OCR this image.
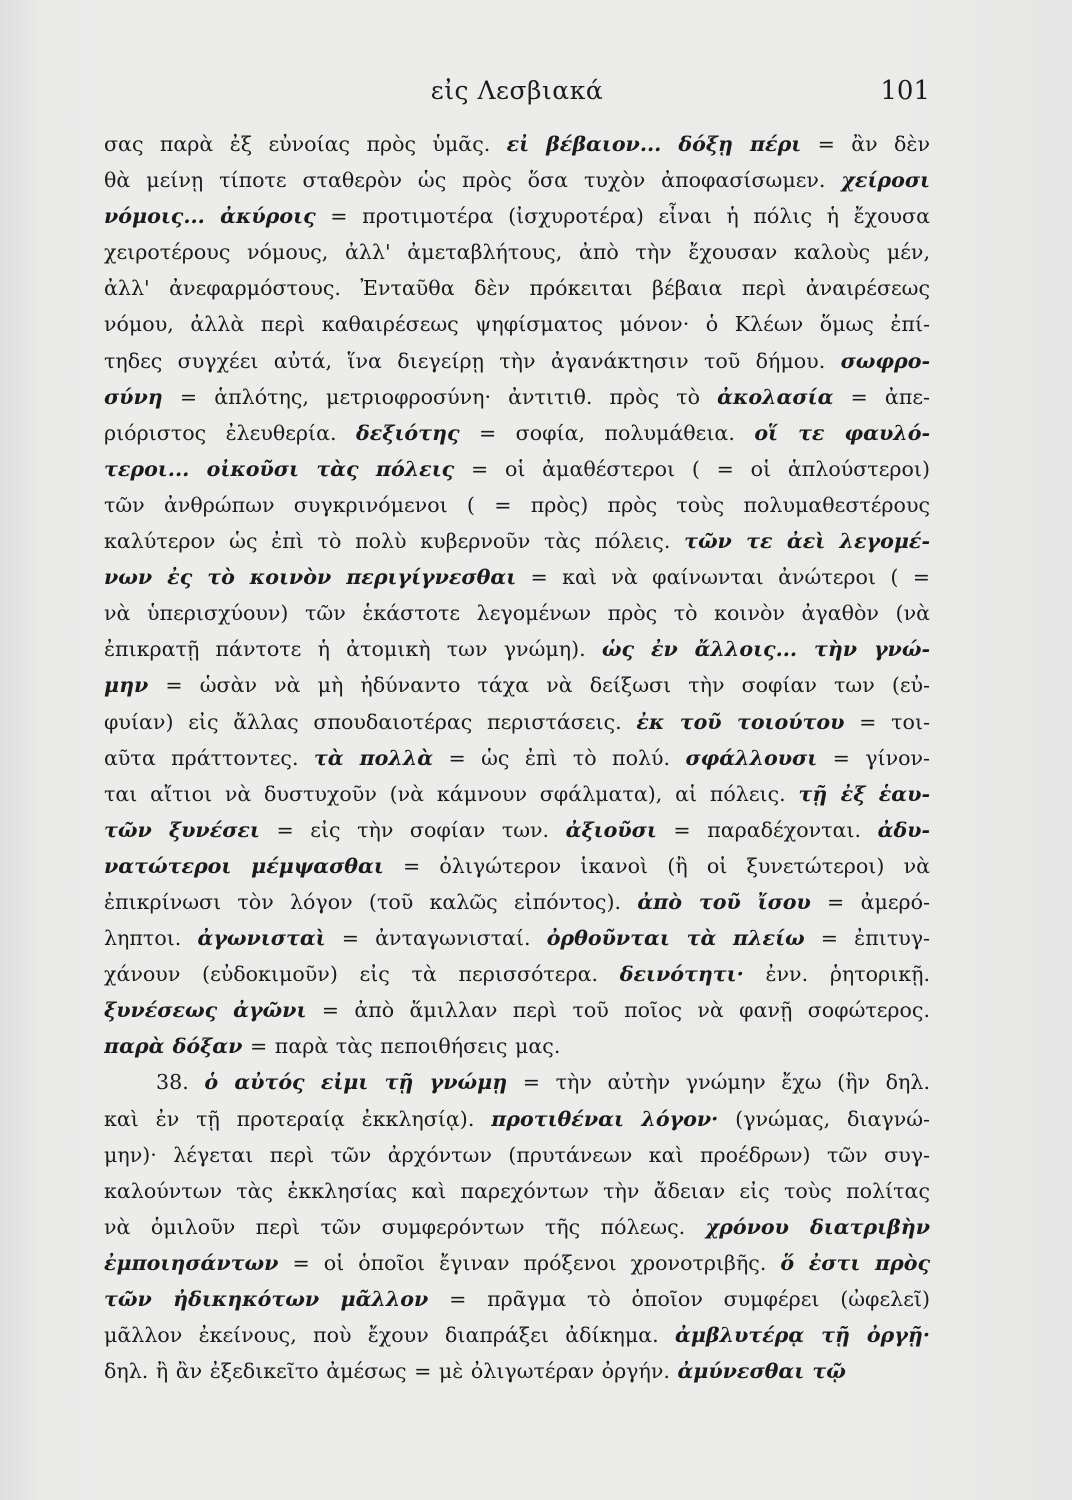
εἰς Λεσβιακά	101
σας παρὰ ἐξ εὐνοίας πρὸς ὑμᾶς. εἰ βέβαιον... δόξῃ πέρι = ἂν δὲν
θὰ μείνῃ τίποτε σταθερὸν ὡς πρὸς ὅσα τυχὸν ἀποφασίσωμεν. χείροσι
νόμοις... ἀκύροις = προτιμοτέρα (ἰσχυροτέρα) εἶναι ἡ πόλις ἡ ἔχουσα
χειροτέρους νόμους, ἀλλ' ἀμεταβλήτους, ἀπὸ τὴν ἔχουσαν καλοὺς μέν,
ἀλλ' ἀνεφαρμόστους. Ἐνταῦθα δὲν πρόκειται βέβαια περὶ ἀναιρέσεως
νόμου, ἀλλὰ περὶ καθαιρέσεως ψηφίσματος μόνον· ὁ Κλέων ὅμως ἐπί-
τηδες συγχέει αὐτά, ἵνα διεγείρῃ τὴν ἀγανάκτησιν τοῦ δήμου. σωφρο-
σύνη = ἁπλότης, μετριοφροσύνη· ἀντιτιθ. πρὸς τὸ ἀκολασία = ἀπε-
ριόριστος ἐλευθερία. δεξιότης = σοφία, πολυμάθεια. οἵ τε φαυλό-
τεροι... οἰκοῦσι τὰς πόλεις = οἱ ἀμαθέστεροι ( = οἱ ἁπλούστεροι)
τῶν ἀνθρώπων συγκρινόμενοι ( = πρὸς) πρὸς τοὺς πολυμαθεστέρους
καλύτερον ὡς ἐπὶ τὸ πολὺ κυβερνοῦν τὰς πόλεις. τῶν τε ἀεὶ λεγομέ-
νων ἐς τὸ κοινὸν περιγίγνεσθαι = καὶ νὰ φαίνωνται ἀνώτεροι ( =
νὰ ὑπερισχύουν) τῶν ἑκάστοτε λεγομένων πρὸς τὸ κοινὸν ἀγαθὸν (νὰ
ἐπικρατῇ πάντοτε ἡ ἀτομικὴ των γνώμη). ὡς ἐν ἄλλοις... τὴν γνώ-
μην = ὡσὰν νὰ μὴ ἠδύναντο τάχα νὰ δείξωσι τὴν σοφίαν των (εὐ-
φυίαν) εἰς ἄλλας σπουδαιοτέρας περιστάσεις. ἐκ τοῦ τοιούτου = τοι-
αῦτα πράττοντες. τὰ πολλὰ = ὡς ἐπὶ τὸ πολύ. σφάλλουσι = γίνον-
ται αἴτιοι νὰ δυστυχοῦν (νὰ κάμνουν σφάλματα), αἱ πόλεις. τῇ ἐξ ἑαυ-
τῶν ξυνέσει = εἰς τὴν σοφίαν των. ἀξιοῦσι = παραδέχονται. ἀδυ-
νατώτεροι μέμψασθαι = ὀλιγώτερον ἱκανοὶ (ἢ οἱ ξυνετώτεροι) νὰ
ἐπικρίνωσι τὸν λόγον (τοῦ καλῶς εἰπόντος). ἀπὸ τοῦ ἴσου = ἀμερό-
ληπτοι. ἀγωνισταὶ = ἀνταγωνισταί. ὀρθοῦνται τὰ πλείω = ἐπιτυγ-
χάνουν (εὐδοκιμοῦν) εἰς τὰ περισσότερα. δεινότητι· ἐνν. ῥητορικῇ.
ξυνέσεως ἀγῶνι = ἀπὸ ἅμιλλαν περὶ τοῦ ποῖος νὰ φανῇ σοφώτερος.
παρὰ δόξαν = παρὰ τὰς πεποιθήσεις μας.
38. ὁ αὐτός εἰμι τῇ γνώμῃ = τὴν αὐτὴν γνώμην ἔχω (ἣν δηλ.
καὶ ἐν τῇ προτεραίᾳ ἐκκλησίᾳ). προτιθέναι λόγον· (γνώμας, διαγνώ-
μην)· λέγεται περὶ τῶν ἀρχόντων (πρυτάνεων καὶ προέδρων) τῶν συγ-
καλούντων τὰς ἐκκλησίας καὶ παρεχόντων τὴν ἄδειαν εἰς τοὺς πολίτας
νὰ ὁμιλοῦν περὶ τῶν συμφερόντων τῆς πόλεως. χρόνου διατριβὴν
ἐμποιησάντων = οἱ ὁποῖοι ἔγιναν πρόξενοι χρονοτριβῆς. ὅ ἐστι πρὸς
τῶν ἠδικηκότων μᾶλλον = πρᾶγμα τὸ ὁποῖον συμφέρει (ὠφελεῖ)
μᾶλλον ἐκείνους, ποὺ ἔχουν διαπράξει ἀδίκημα. ἀμβλυτέρᾳ τῇ ὀργῇ·
δηλ. ἢ ἂν ἐξεδικεῖτο ἀμέσως = μὲ ὀλιγωτέραν ὀργήν. ἀμύνεσθαι τῷ
